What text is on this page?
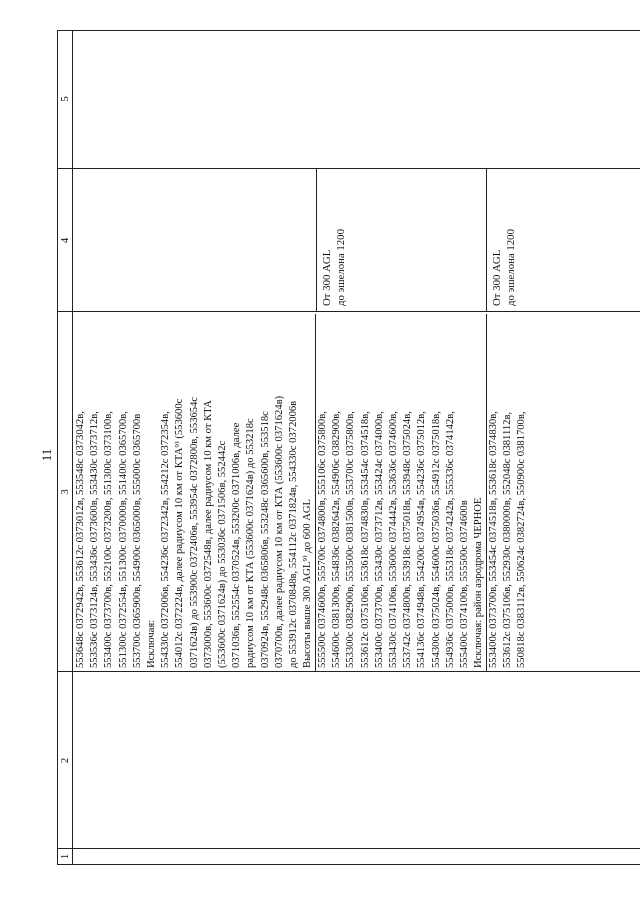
11
1
2
3
4
5
553648с 0372942в, 553612с 0373012в, 553548с 0373042в, 553536с 0373124в, 553436с 0373600в, 553430с 0373712в, 553400с 0373700в, 552100с 0373200в, 551300с 0373100в, 551300с 0372554в, 551300с 0370000в, 551400с 0365700в, 553700с 0365900в, 554900с 0365000в, 555000с 0365700в Исключая: 554330с 0372006в, 554236с 0372342в, 554212с 0372354в, 554012с 0372224в, далее радиусом 10 км от КТА⁹⁾ (553600с 0371624в) до 553900с 0372406в, 553954с 0372800в, 553654с 0373000в, 553600с 0372548в, далее радиусом 10 км от КТА (553600с 0371624в) до 553036с 0371506в, 552442с 0371036в, 552554с 0370524в, 553200с 0371006в, далее радиусом 10 км от КТА (553600с 0371624в) до 553218с 0370924в, 552948с 0365806в, 553248с 0365600в, 553518с 0370700в, далее радиусом 10 км от КТА (553600с 0371624в) до 553912с 0370848в, 554112с 0371824в, 554330с 0372006в Высоты выше 300 AGL⁹⁾ до 600 AGL
От 300 AGL до эшелона 1200
555500с 0374600в, 555700с 0374800в, 555106с 0375800в, 554600с 0381300в, 554836с 0382642в, 554906с 0382900в, 553300с 0382900в, 553500с 0381500в, 553700с 0375800в, 553612с 0375106в, 553618с 0374830в, 553454с 0374518в, 553400с 0373700в, 553430с 0373712в, 553424с 0374000в, 553430с 0374106в, 553600с 0374442в, 553636с 0374600в, 553742с 0374800в, 553918с 0375018в, 553948с 0375024в, 554136с 0374948в, 554200с 0374954в, 554236с 0375012в, 554300с 0375024в, 554600с 0375036в, 554912с 0375018в, 554936с 0375000в, 555318с 0374242в, 555336с 0374142в, 555400с 0374100в, 555500с 0374600в Исключая: район аэродрома ЧЕРНОЕ 553400с 0373700в, 553454с 0374518в, 553618с 0374830в, 553612с 0375106в, 552930с 0380000в, 552048с 0381112в, 550818с 0383112в, 550624с 0382724в, 550900с 0381700в,
От 300 AGL до эшелона 1200
